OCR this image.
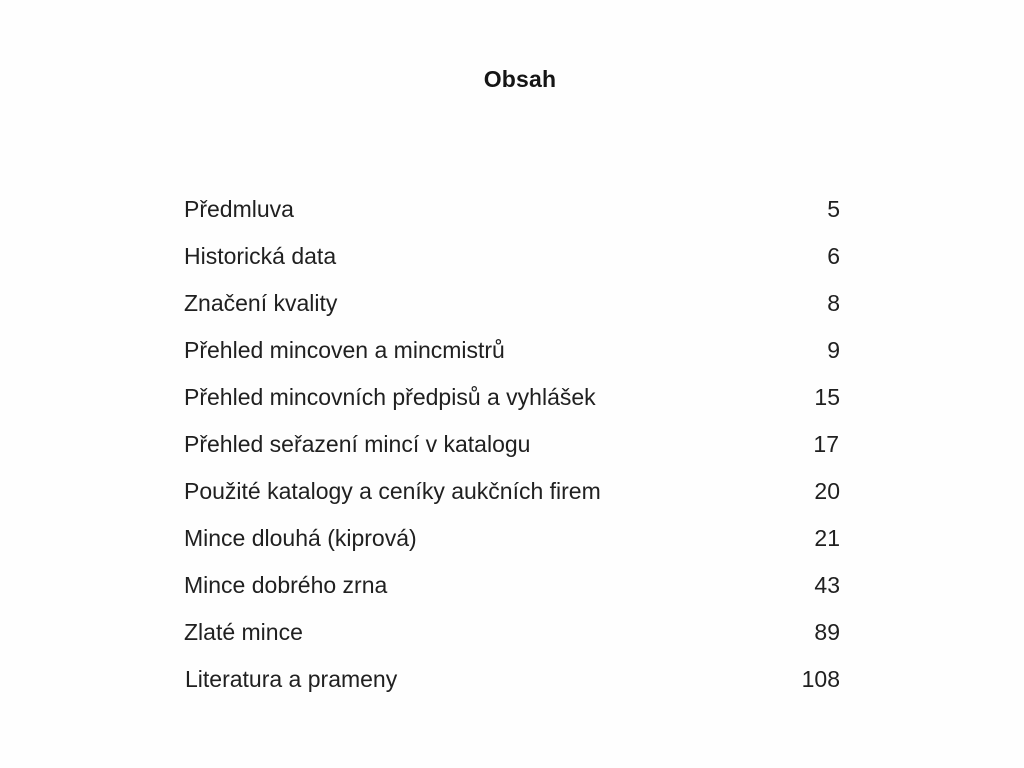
Obsah
Předmluva	5
Historická data	6
Značení kvality	8
Přehled mincoven a mincmistrů	9
Přehled mincovních předpisů a vyhlášek	15
Přehled seřazení mincí v katalogu	17
Použité katalogy a ceníky aukčních firem	20
Mince dlouhá (kiprová)	21
Mince dobrého zrna	43
Zlaté mince	89
Literatura a prameny	108
